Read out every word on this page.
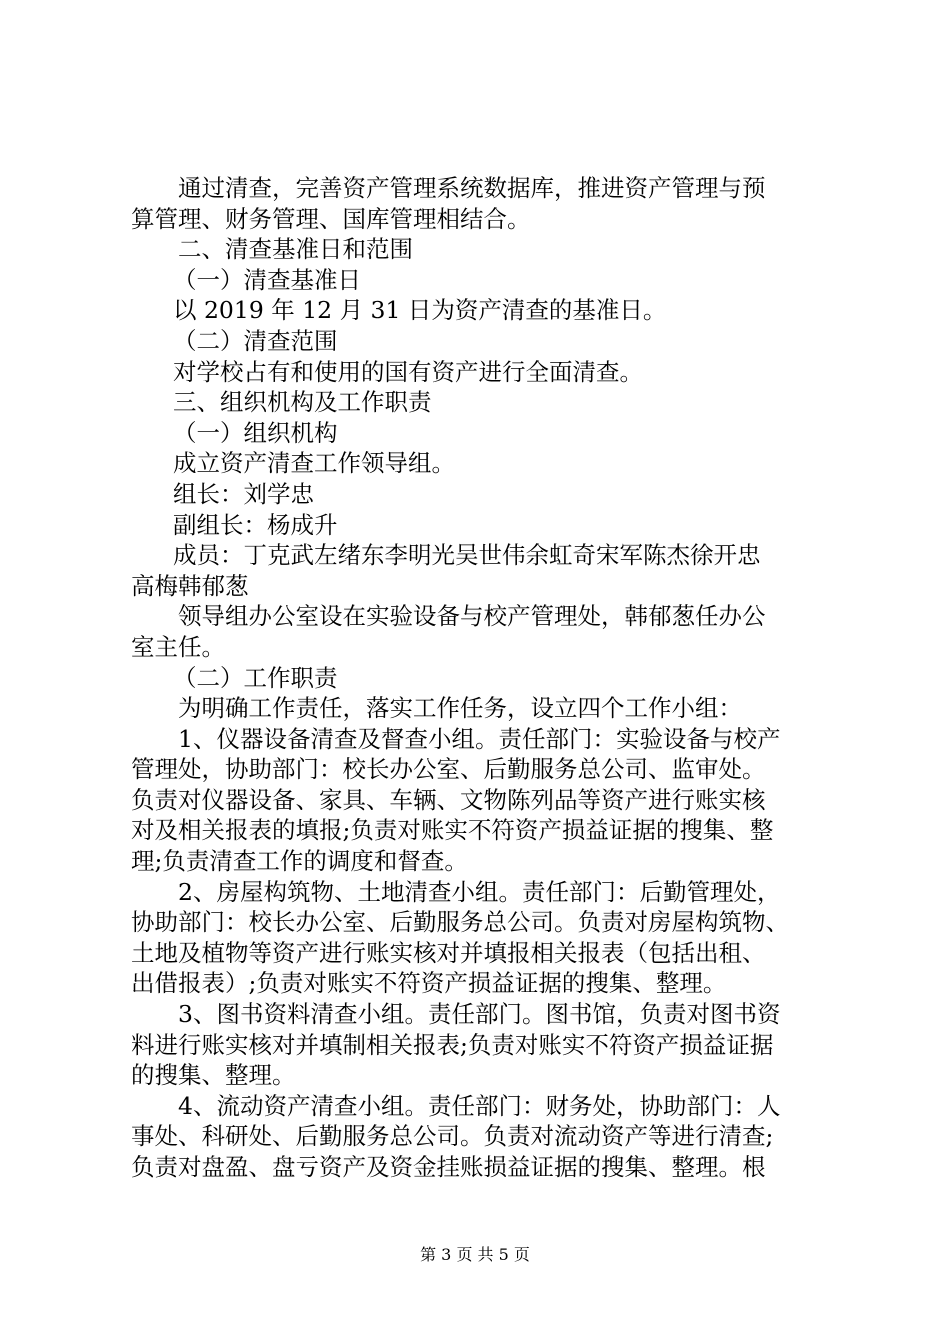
通过清查，完善资产管理系统数据库，推进资产管理与预

算管理、财务管理、国库管理相结合。

二、清查基准日和范围

（一）清查基准日

以 2019 年 12 月 31 日为资产清查的基准日。

（二）清查范围

对学校占有和使用的国有资产进行全面清查。

三、组织机构及工作职责

（一）组织机构

成立资产清查工作领导组。

组长：刘学忠

副组长：杨成升

成员：丁克武左绪东李明光吴世伟余虹奇宋军陈杰徐开忠

高梅韩郁葱

领导组办公室设在实验设备与校产管理处，韩郁葱任办公

室主任。

（二）工作职责

为明确工作责任，落实工作任务，设立四个工作小组：

1、仪器设备清查及督查小组。责任部门：实验设备与校产

管理处，协助部门：校长办公室、后勤服务总公司、监审处。

负责对仪器设备、家具、车辆、文物陈列品等资产进行账实核

对及相关报表的填报;负责对账实不符资产损益证据的搜集、整

理;负责清查工作的调度和督查。

2、房屋构筑物、土地清查小组。责任部门：后勤管理处，

协助部门：校长办公室、后勤服务总公司。负责对房屋构筑物、

土地及植物等资产进行账实核对并填报相关报表（包括出租、

出借报表）;负责对账实不符资产损益证据的搜集、整理。

3、图书资料清查小组。责任部门。图书馆，负责对图书资

料进行账实核对并填制相关报表;负责对账实不符资产损益证据

的搜集、整理。

4、流动资产清查小组。责任部门：财务处，协助部门：人

事处、科研处、后勤服务总公司。负责对流动资产等进行清查;

负责对盘盈、盘亏资产及资金挂账损益证据的搜集、整理。根

第 3 页 共 5 页
